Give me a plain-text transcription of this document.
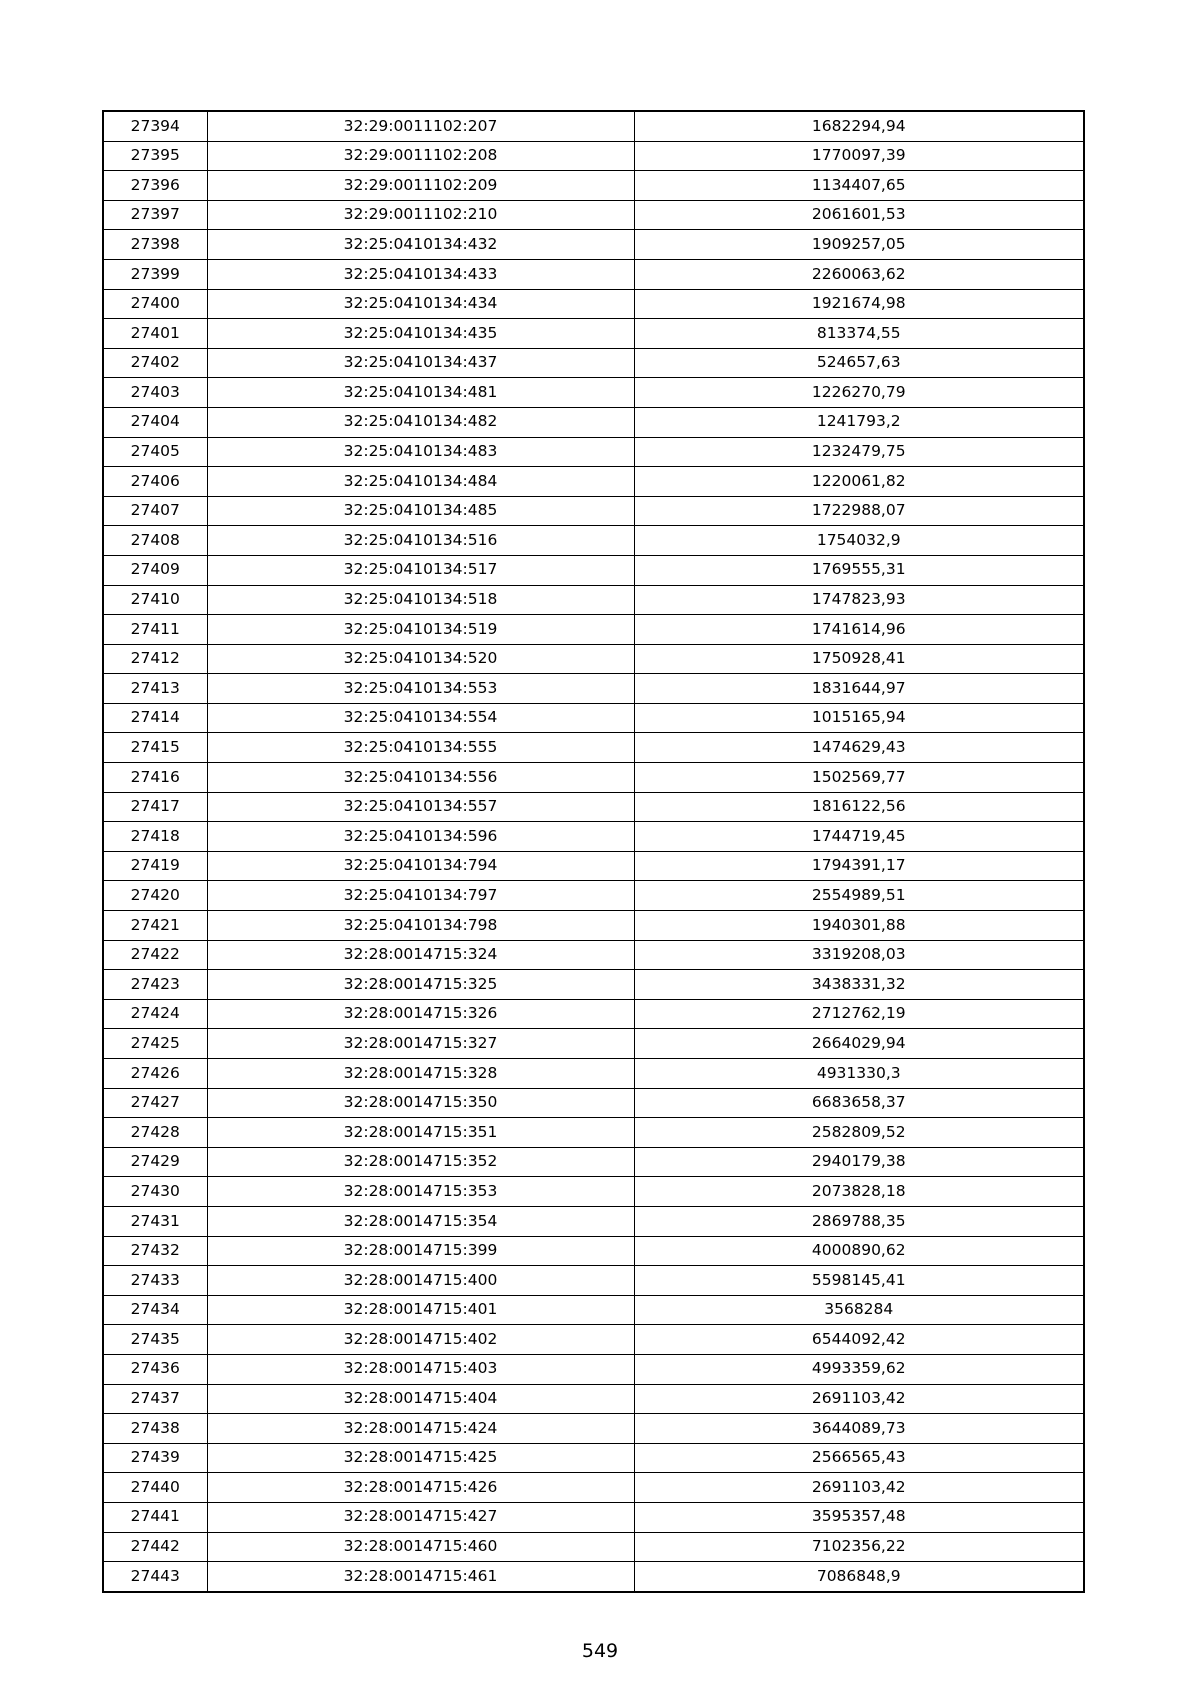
27394	32:29:0011102:207	1682294,94
27395	32:29:0011102:208	1770097,39
27396	32:29:0011102:209	1134407,65
27397	32:29:0011102:210	2061601,53
27398	32:25:0410134:432	1909257,05
27399	32:25:0410134:433	2260063,62
27400	32:25:0410134:434	1921674,98
27401	32:25:0410134:435	813374,55
27402	32:25:0410134:437	524657,63
27403	32:25:0410134:481	1226270,79
27404	32:25:0410134:482	1241793,2
27405	32:25:0410134:483	1232479,75
27406	32:25:0410134:484	1220061,82
27407	32:25:0410134:485	1722988,07
27408	32:25:0410134:516	1754032,9
27409	32:25:0410134:517	1769555,31
27410	32:25:0410134:518	1747823,93
27411	32:25:0410134:519	1741614,96
27412	32:25:0410134:520	1750928,41
27413	32:25:0410134:553	1831644,97
27414	32:25:0410134:554	1015165,94
27415	32:25:0410134:555	1474629,43
27416	32:25:0410134:556	1502569,77
27417	32:25:0410134:557	1816122,56
27418	32:25:0410134:596	1744719,45
27419	32:25:0410134:794	1794391,17
27420	32:25:0410134:797	2554989,51
27421	32:25:0410134:798	1940301,88
27422	32:28:0014715:324	3319208,03
27423	32:28:0014715:325	3438331,32
27424	32:28:0014715:326	2712762,19
27425	32:28:0014715:327	2664029,94
27426	32:28:0014715:328	4931330,3
27427	32:28:0014715:350	6683658,37
27428	32:28:0014715:351	2582809,52
27429	32:28:0014715:352	2940179,38
27430	32:28:0014715:353	2073828,18
27431	32:28:0014715:354	2869788,35
27432	32:28:0014715:399	4000890,62
27433	32:28:0014715:400	5598145,41
27434	32:28:0014715:401	3568284
27435	32:28:0014715:402	6544092,42
27436	32:28:0014715:403	4993359,62
27437	32:28:0014715:404	2691103,42
27438	32:28:0014715:424	3644089,73
27439	32:28:0014715:425	2566565,43
27440	32:28:0014715:426	2691103,42
27441	32:28:0014715:427	3595357,48
27442	32:28:0014715:460	7102356,22
27443	32:28:0014715:461	7086848,9
549
